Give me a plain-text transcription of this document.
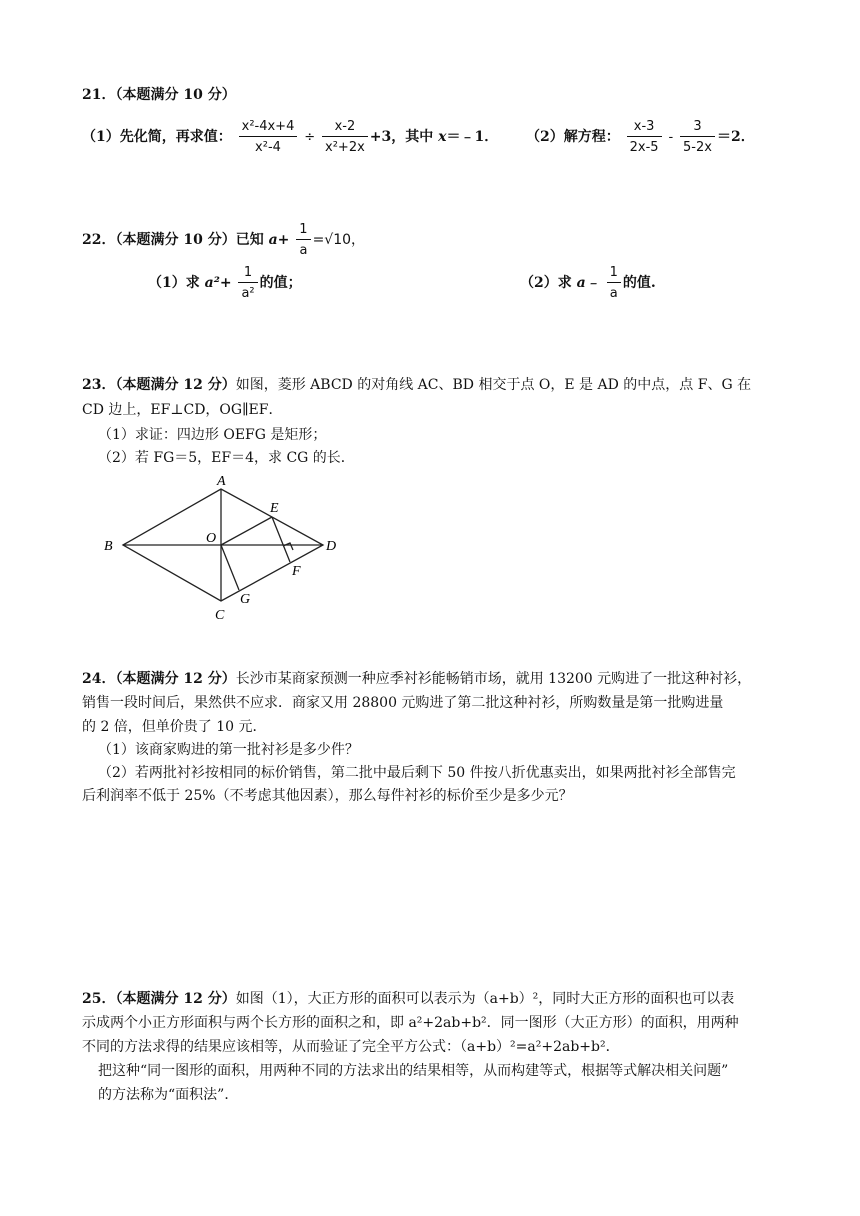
21．（本题满分 10 分）
（1）先化简，再求值： $\frac{\text{x²-4x+4}}{\text{x²-4}} \div \frac{x-2}{\text{x²+2x}} +3$，其中 x＝﹣1． （2）解方程： $\frac{x-3}{2x-5} - \frac{3}{5-2x} =2$．
22．（本题满分 10 分）已知 $a+ \frac{1}{a} =√10$，
（1）求 $a^2+ \frac{1}{\text{a²}}$ 的值；	（2）求 a﹣ $\frac{1}{a}$ 的值.
23．（本题满分 12 分）如图，菱形 ABCD 的对角线 AC、BD 相交于点 O，E 是 AD 的中点，点 F、G 在
CD 边上，EF⊥CD，OG∥EF．
（1）求证：四边形 OEFG 是矩形；
（2）若 FG＝5，EF＝4，求 CG 的长．
A
B
C
D
O
E
F
G
24．（本题满分 12 分）长沙市某商家预测一种应季衬衫能畅销市场，就用 13200 元购进了一批这种衬衫，
销售一段时间后，果然供不应求．商家又用 28800 元购进了第二批这种衬衫，所购数量是第一批购进量
的 2 倍，但单价贵了 10 元．
（1）该商家购进的第一批衬衫是多少件？
（2）若两批衬衫按相同的标价销售，第二批中最后剩下 50 件按八折优惠卖出，如果两批衬衫全部售完
后利润率不低于 25%（不考虑其他因素），那么每件衬衫的标价至少是多少元？
25．（本题满分 12 分）如图（1），大正方形的面积可以表示为（a+b）²，同时大正方形的面积也可以表
示成两个小正方形面积与两个长方形的面积之和，即 a²+2ab+b²．同一图形（大正方形）的面积，用两种
不同的方法求得的结果应该相等，从而验证了完全平方公式：（a+b）²=a²+2ab+b²．
把这种“同一图形的面积，用两种不同的方法求出的结果相等，从而构建等式，根据等式解决相关问题”
的方法称为“面积法”．
